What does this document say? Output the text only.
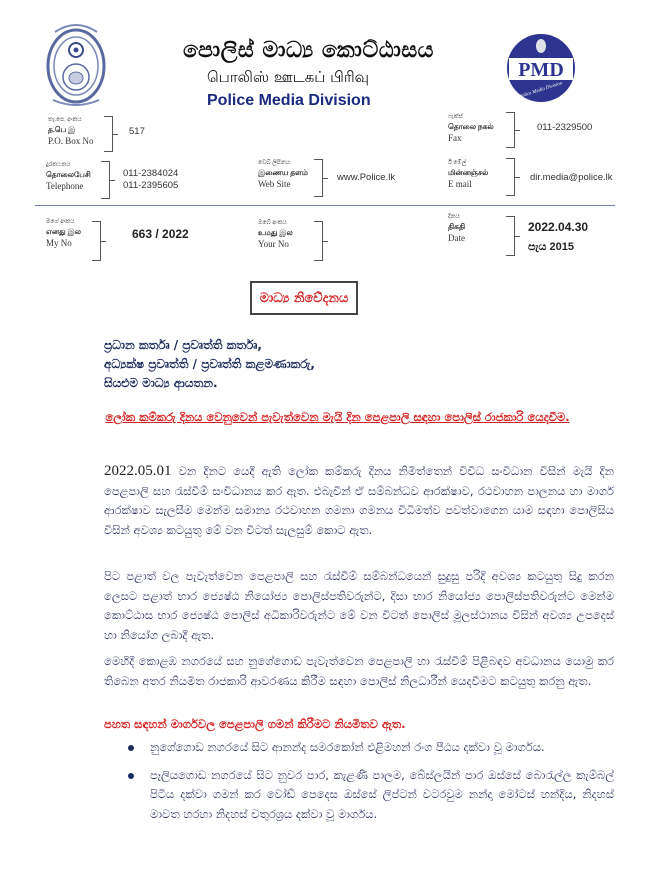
පොලිස් මාධ්‍ය කොට්ඨාසය
பொலிஸ் ஊடகப் பிரிவு
Police Media Division
PMD
Police Media Division
තැ.පෙ. අංකය
த.பெ இ
P.O. Box No
517
ෆැක්ස්
தொலை நகல்
Fax
011-2329500
දුරකථනය
தொலைபேசி
Telephone
011-2384024
011-2395605
වෙබ් ලිපිනය
இணைய தளம்
Web Site
www.Police.lk
ඊ මේල්
மின்னஞ்சல்
E mail
dir.media@police.lk
මගේ අංකය
எனது இல
My No
663 / 2022
ඔබේ අංකය
உமது இல
Your No
දිනය
திகதி
Date
2022.04.30
පැය 2015
මාධ්‍ය නිවේදනය
ප්‍රධාන කර්තෘ / ප්‍රවෘත්ති කර්තෘ,
අධ්‍යක්ෂ ප්‍රවෘත්ති / ප්‍රවෘත්ති කළමණාකරු,
සියළුම මාධ්‍ය ආයතන.
ලෝක කම්කරු දිනය වෙනුවෙන් පැවැත්වෙන මැයි දින පෙළපාලි සඳහා පොලිස් රාජකාරි යෙදවීම.
2022.05.01 වන දිනට යෙදී ඇති ලෝක කම්කරු දිනය නිමිත්තෙන් විවිධ සංවිධාන විසින් මැයි දින පෙළපාලි සහ රැස්වීම් සංවිධානය කර ඇත. එබැවින් ඒ සම්බන්ධව ආරක්ෂාව, රථවාහන පාලනය හා මාර්ග ආරක්ෂාව සැලසීම මෙන්ම සමාන්‍ය රථවාහන ගමනා ගමනය විධිමත්ව පවත්වාගෙන යාම සඳහා පොලිසිය විසින් අවශ්‍ය කටයුතු මේ වන විටත් සැලසුම් කොට ඇත.
පිට පළාත් වල පැවැත්වෙන පෙළපාලි සහ රැස්වීම් සම්බන්ධයෙන් සුදුසු පරිදි අවශ්‍ය කටයුතු සිදු කරන ලෙසට පළාත් භාර ජ්‍යෙෂ්ඨ නියෝජ්‍ය පොලිස්පතිවරුන්ට, දිසා භාර නියෝජ්‍ය පොලිස්පතිවරුන්ට මෙන්ම කොට්ඨාස භාර ජ්‍යෙෂ්ඨ පොලිස් අධිකාරිවරුන්ට මේ වන විටත් පොලිස් මූලස්ථානය විසින් අවශ්‍ය උපදෙස් හා නියෝග ලබාදී ඇත.
මෙහිදී කොළඹ නගරයේ සහ නුගේගොඩ පැවැත්වෙන පෙළපාලි හා රැස්වීම් පිළිබඳව අවධානය යොමු කර තිබෙන අතර නියමිත රාජකාරි ආවරණය කිරීම සඳහා පොලිස් නිලධාරීන් යෙදවීමට කටයුතු කරනු ඇත.
පහත සඳහන් මාර්ගවල පෙළපාලි ගමන් කිරීමට නියමිතව ඇත.
නුගේගොඩ නගරයේ සිට ආනන්ද සමරකෝන් එළිමහන් රංග පීඨය දක්වා වූ මාර්ගය.
පෑලියගොඩ නගරයේ සිට නුවර පාර, කැළණි පාලම, බේස්ලයින් පාර ඔස්සේ බොරැල්ල කැම්බල් පිටිය දක්වා ගමන් කර වෝඩ් පෙදෙස ඔස්සේ ලිප්ටන් වටරවුම නන්දා මෝටස් හන්දිය, නිදහස් මාවත හරහා නිදහස් චතුරශ්‍රය දක්වා වූ මාර්ගය.
